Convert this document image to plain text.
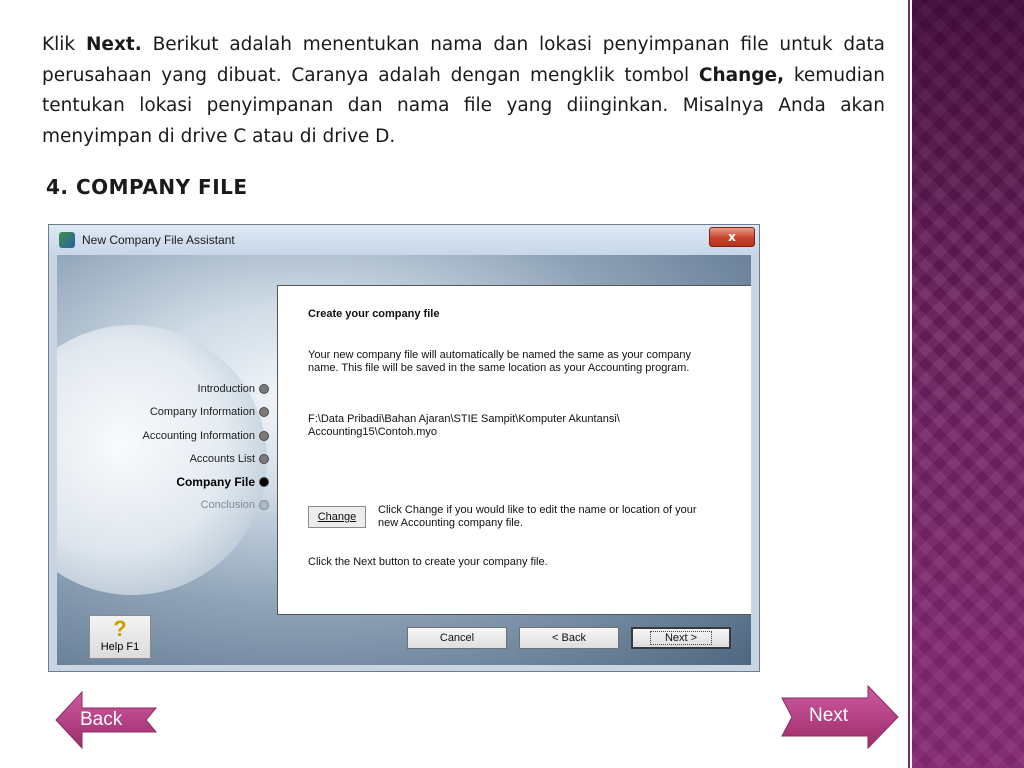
Klik Next. Berikut adalah menentukan nama dan lokasi penyimpanan file untuk data perusahaan yang dibuat. Caranya adalah dengan mengklik tombol Change, kemudian tentukan lokasi penyimpanan dan nama file yang diinginkan. Misalnya Anda akan menyimpan di drive C atau di drive D.

4. COMPANY FILE
New Company File Assistant	x
Introduction
Company Information
Accounting Information
Accounts List
Company File
Conclusion
Create your company file
Your new company file will automatically be named the same as your company name. This file will be saved in the same location as your Accounting program.
F:\Data Pribadi\Bahan Ajaran\STIE Sampit\Komputer Akuntansi\
Accounting15\Contoh.myo
Change
Click Change if you would like to edit the name or location of your new Accounting company file.
Click the Next button to create your company file.
?
Help F1
Cancel	< Back	Next >
Back	Next
